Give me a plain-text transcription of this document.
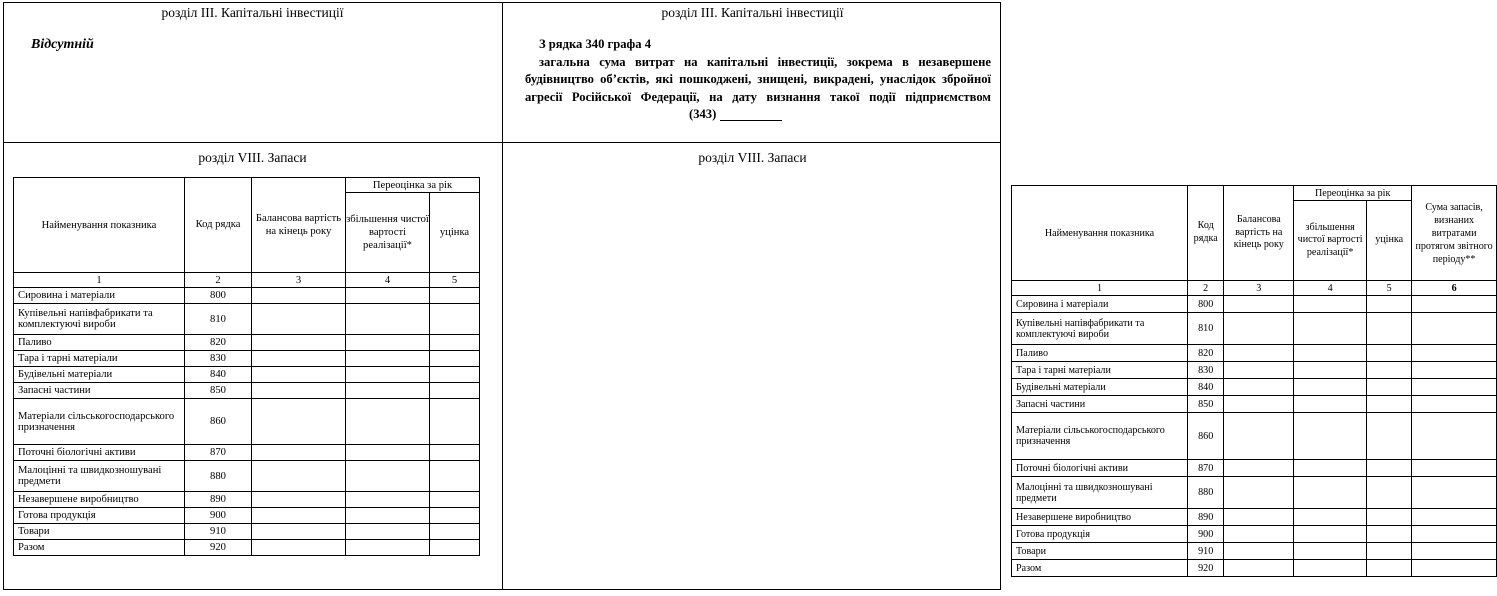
розділ III. Капітальні інвестиції
Відсутній
розділ VIII. Запаси
Найменування показника	Код рядка	Балансова вартість на кінець року	Переоцінка за рік	
			збільшення чистої вартості реалізації*	уцінка
1	2	3	4	5
Сировина і матеріали	800			
Купівельні напівфабрикати та комплектуючі вироби	810			
Паливо	820			
Тара і тарні матеріали	830			
Будівельні матеріали	840			
Запасні частини	850			
Матеріали сільськогосподарського призначення	860			
Поточні біологічні активи	870			
Малоцінні та швидкозношувані предмети	880			
Незавершене виробництво	890			
Готова продукція	900			
Товари	910			
Разом	920			
розділ III. Капітальні інвестиції
З рядка 340 графа 4
загальна сума витрат на капітальні інвестиції, зокрема в незавершене будівництво об’єктів, які пошкоджені, знищені, викрадені, унаслідок збройної агресії Російської Федерації, на дату визнання такої події підприємством(343)
розділ VIII. Запаси
Найменування показника	Код рядка	Балансова вартість на кінець року	Переоцінка за рік		Сума запасів, визнаних витратами протягом звітного періоду**
			збільшення чистої вартості реалізації*	уцінка	
1	2	3	4	5	6
Сировина і матеріали	800				
Купівельні напівфабрикати та комплектуючі вироби	810				
Паливо	820				
Тара і тарні матеріали	830				
Будівельні матеріали	840				
Запасні частини	850				
Матеріали сільськогосподарського призначення	860				
Поточні біологічні активи	870				
Малоцінні та швидкозношувані предмети	880				
Незавершене виробництво	890				
Готова продукція	900				
Товари	910				
Разом	920				
